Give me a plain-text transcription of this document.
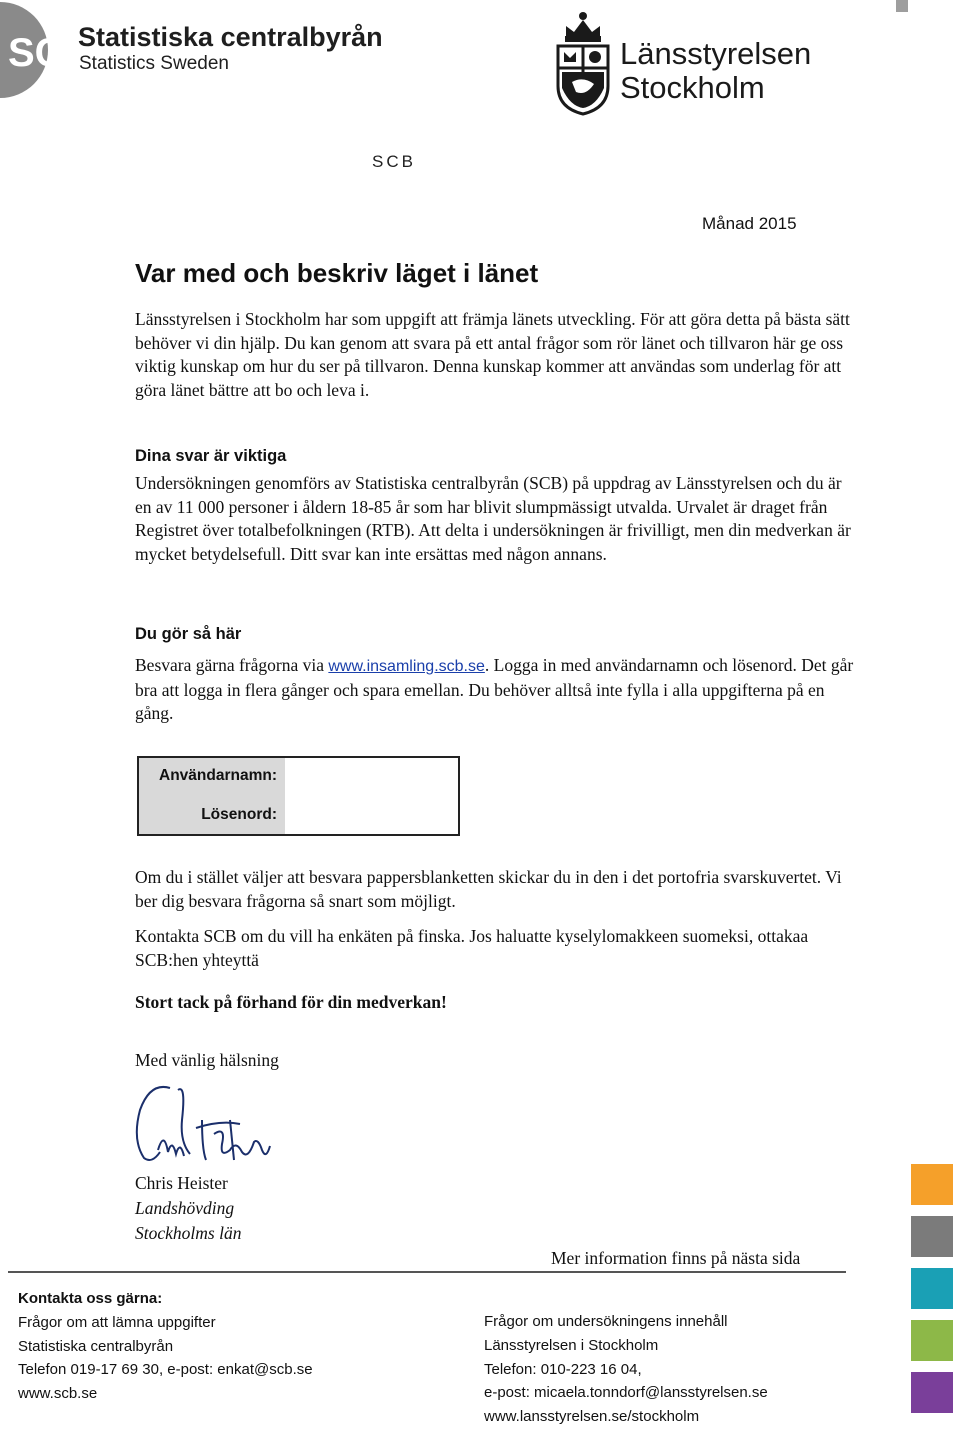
SCB
Statistiska centralbyrån
Statistics Sweden	Länsstyrelsen
Stockholm
SCB
Månad 2015
Var med och beskriv läget i länet

Länsstyrelsen i Stockholm har som uppgift att främja länets utveckling. För att göra detta på bästa sätt behöver vi din hjälp. Du kan genom att svara på ett antal frågor som rör länet och tillvaron här ge oss viktig kunskap om hur du ser på tillvaron. Denna kunskap kommer att användas som underlag för att göra länet bättre att bo och leva i.

Dina svar är viktiga

Undersökningen genomförs av Statistiska centralbyrån (SCB) på uppdrag av Länsstyrelsen och du är en av 11 000 personer i åldern 18-85 år som har blivit slumpmässigt utvalda. Urvalet är draget från Registret över totalbefolkningen (RTB). Att delta i undersökningen är frivilligt, men din medverkan är mycket betydelsefull. Ditt svar kan inte ersättas med någon annans.

Du gör så här

Besvara gärna frågorna via www.insamling.scb.se. Logga in med användarnamn och lösenord. Det går bra att logga in flera gånger och spara emellan. Du behöver alltså inte fylla i alla uppgifterna på en gång.

Användarnamn:
Lösenord:

Om du i stället väljer att besvara pappersblanketten skickar du in den i det portofria svarskuvertet. Vi ber dig besvara frågorna så snart som möjligt.

Kontakta SCB om du vill ha enkäten på finska. Jos haluatte kyselylomakkeen suomeksi, ottakaa SCB:hen yhteyttä

Stort tack på förhand för din medverkan!
Med vänlig hälsning
Chris Heister
Landshövding
Stockholms län
Mer information finns på nästa sida
Kontakta oss gärna:
Frågor om att lämna uppgifter
Statistiska centralbyrån
Telefon 019-17 69 30, e-post: enkat@scb.se
www.scb.se
Frågor om undersökningens innehåll
Länsstyrelsen i Stockholm
Telefon: 010-223 16 04,
e-post: micaela.tonndorf@lansstyrelsen.se
www.lansstyrelsen.se/stockholm
